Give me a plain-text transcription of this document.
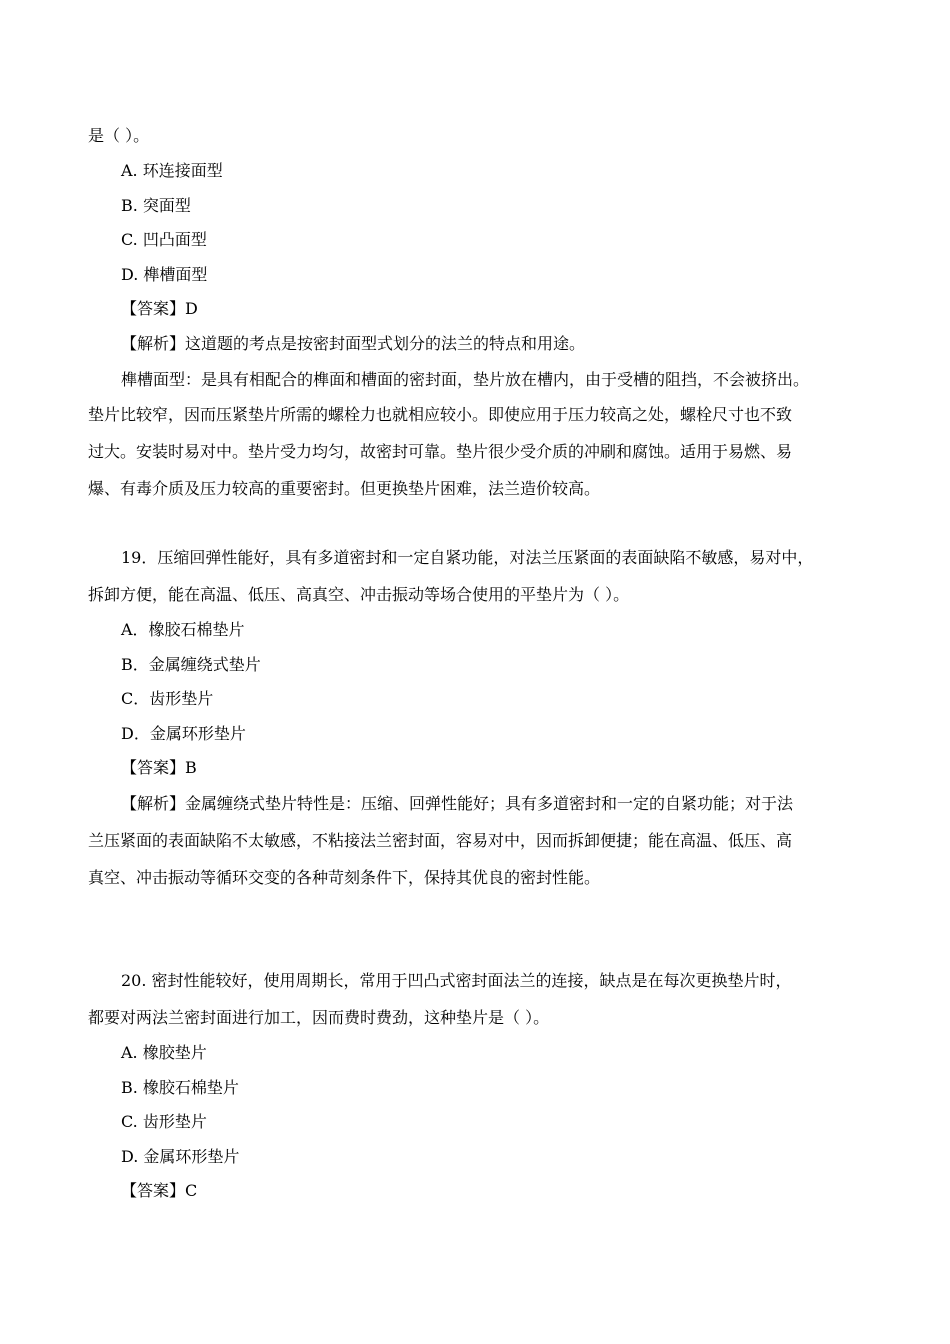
是（ ）。
A. 环连接面型
B. 突面型
C. 凹凸面型
D. 榫槽面型
【答案】D
【解析】这道题的考点是按密封面型式划分的法兰的特点和用途。
榫槽面型：是具有相配合的榫面和槽面的密封面，垫片放在槽内，由于受槽的阻挡，不会被挤出。
垫片比较窄，因而压紧垫片所需的螺栓力也就相应较小。即使应用于压力较高之处，螺栓尺寸也不致
过大。安装时易对中。垫片受力均匀，故密封可靠。垫片很少受介质的冲刷和腐蚀。适用于易燃、易
爆、有毒介质及压力较高的重要密封。但更换垫片困难，法兰造价较高。
19．压缩回弹性能好，具有多道密封和一定自紧功能，对法兰压紧面的表面缺陷不敏感，易对中，
拆卸方便，能在高温、低压、高真空、冲击振动等场合使用的平垫片为（ ）。
A．橡胶石棉垫片
B．金属缠绕式垫片
C．齿形垫片
D．金属环形垫片
【答案】B
【解析】金属缠绕式垫片特性是：压缩、回弹性能好；具有多道密封和一定的自紧功能；对于法
兰压紧面的表面缺陷不太敏感，不粘接法兰密封面，容易对中，因而拆卸便捷；能在高温、低压、高
真空、冲击振动等循环交变的各种苛刻条件下，保持其优良的密封性能。
20. 密封性能较好，使用周期长，常用于凹凸式密封面法兰的连接，缺点是在每次更换垫片时，
都要对两法兰密封面进行加工，因而费时费劲，这种垫片是（ ）。
A. 橡胶垫片
B. 橡胶石棉垫片
C. 齿形垫片
D. 金属环形垫片
【答案】C
